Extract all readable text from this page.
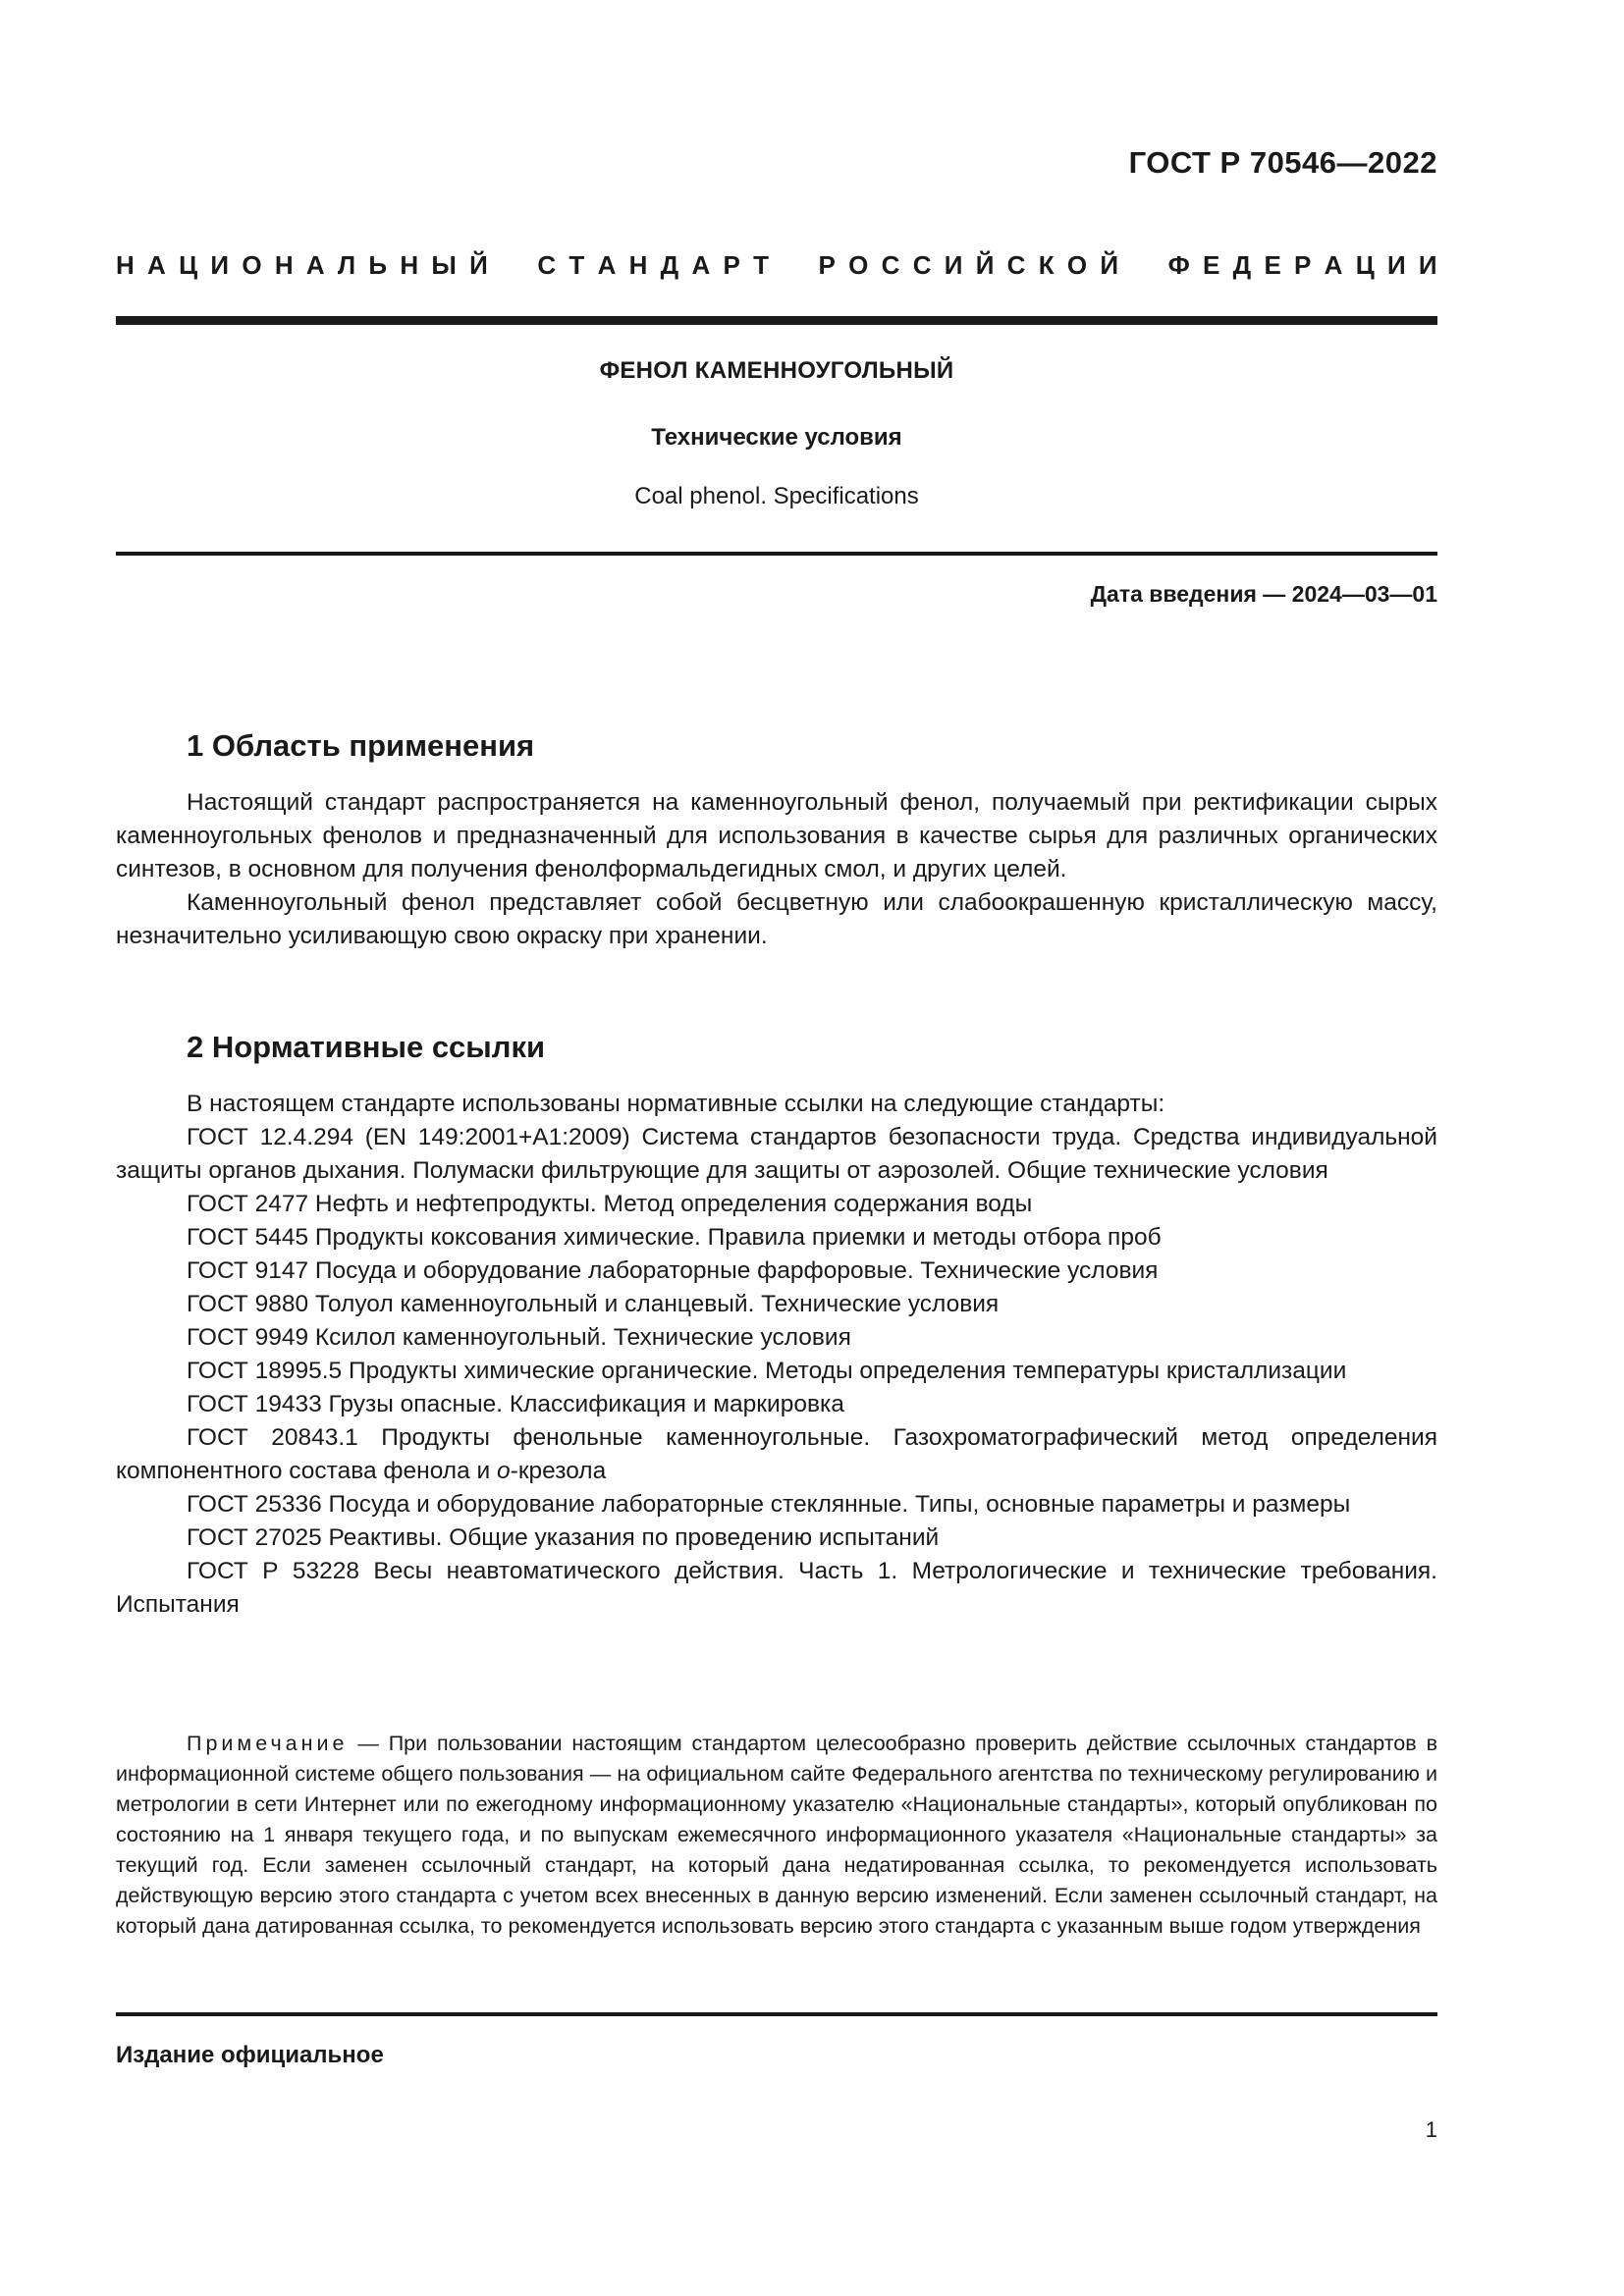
ГОСТ Р 70546—2022
Н А Ц И О Н А Л Ь Н Ы Й С Т А Н Д А Р Т Р О С С И Й С К О Й Ф Е Д Е Р А Ц И И
ФЕНОЛ КАМЕННОУГОЛЬНЫЙ
Технические условия
Coal phenol. Specifications
Дата введения — 2024—03—01
1 Область применения

Настоящий стандарт распространяется на каменноугольный фенол, получаемый при ректификации сырых каменноугольных фенолов и предназначенный для использования в качестве сырья для различных органических синтезов, в основном для получения фенолформальдегидных смол, и других целей.

Каменноугольный фенол представляет собой бесцветную или слабоокрашенную кристаллическую массу, незначительно усиливающую свою окраску при хранении.

2 Нормативные ссылки

В настоящем стандарте использованы нормативные ссылки на следующие стандарты:

ГОСТ 12.4.294 (EN 149:2001+A1:2009) Система стандартов безопасности труда. Средства индивидуальной защиты органов дыхания. Полумаски фильтрующие для защиты от аэрозолей. Общие технические условия

ГОСТ 2477 Нефть и нефтепродукты. Метод определения содержания воды

ГОСТ 5445 Продукты коксования химические. Правила приемки и методы отбора проб

ГОСТ 9147 Посуда и оборудование лабораторные фарфоровые. Технические условия

ГОСТ 9880 Толуол каменноугольный и сланцевый. Технические условия

ГОСТ 9949 Ксилол каменноугольный. Технические условия

ГОСТ 18995.5 Продукты химические органические. Методы определения температуры кристаллизации

ГОСТ 19433 Грузы опасные. Классификация и маркировка

ГОСТ 20843.1 Продукты фенольные каменноугольные. Газохроматографический метод определения компонентного состава фенола и о-крезола

ГОСТ 25336 Посуда и оборудование лабораторные стеклянные. Типы, основные параметры и размеры

ГОСТ 27025 Реактивы. Общие указания по проведению испытаний

ГОСТ Р 53228 Весы неавтоматического действия. Часть 1. Метрологические и технические требования. Испытания

Примечание — При пользовании настоящим стандартом целесообразно проверить действие ссылочных стандартов в информационной системе общего пользования — на официальном сайте Федерального агентства по техническому регулированию и метрологии в сети Интернет или по ежегодному информационному указателю «Национальные стандарты», который опубликован по состоянию на 1 января текущего года, и по выпускам ежемесячного информационного указателя «Национальные стандарты» за текущий год. Если заменен ссылочный стандарт, на который дана недатированная ссылка, то рекомендуется использовать действующую версию этого стандарта с учетом всех внесенных в данную версию изменений. Если заменен ссылочный стандарт, на который дана датированная ссылка, то рекомендуется использовать версию этого стандарта с указанным выше годом утверждения

Издание официальное
1
